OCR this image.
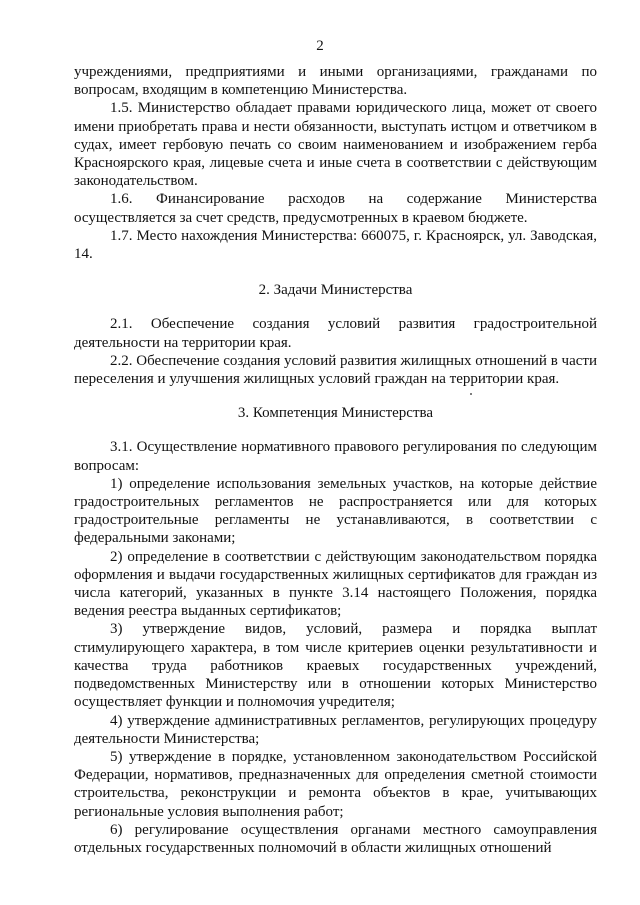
2

учреждениями, предприятиями и иными организациями, гражданами по вопросам, входящим в компетенцию Министерства.

1.5. Министерство обладает правами юридического лица, может от своего имени приобретать права и нести обязанности, выступать истцом и ответчиком в судах, имеет гербовую печать со своим наименованием и изображением герба Красноярского края, лицевые счета и иные счета в соответствии с действующим законодательством.

1.6. Финансирование расходов на содержание Министерства осуществляется за счет средств, предусмотренных в краевом бюджете.

1.7. Место нахождения Министерства: 660075, г. Красноярск, ул. Заводская, 14.

2. Задачи Министерства

2.1. Обеспечение создания условий развития градостроительной деятельности на территории края.

2.2. Обеспечение создания условий развития жилищных отношений в части переселения и улучшения жилищных условий граждан на территории края.

3. Компетенция Министерства

3.1. Осуществление нормативного правового регулирования по следующим вопросам:

1) определение использования земельных участков, на которые действие градостроительных регламентов не распространяется или для которых градостроительные регламенты не устанавливаются, в соответствии с федеральными законами;

2) определение в соответствии с действующим законодательством порядка оформления и выдачи государственных жилищных сертификатов для граждан из числа категорий, указанных в пункте 3.14 настоящего Положения, порядка ведения реестра выданных сертификатов;

3) утверждение видов, условий, размера и порядка выплат стимулирующего характера, в том числе критериев оценки результативности и качества труда работников краевых государственных учреждений, подведомственных Министерству или в отношении которых Министерство осуществляет функции и полномочия учредителя;

4) утверждение административных регламентов, регулирующих процедуру деятельности Министерства;

5) утверждение в порядке, установленном законодательством Российской Федерации, нормативов, предназначенных для определения сметной стоимости строительства, реконструкции и ремонта объектов в крае, учитывающих региональные условия выполнения работ;

6) регулирование осуществления органами местного самоуправления отдельных государственных полномочий в области жилищных отношений
